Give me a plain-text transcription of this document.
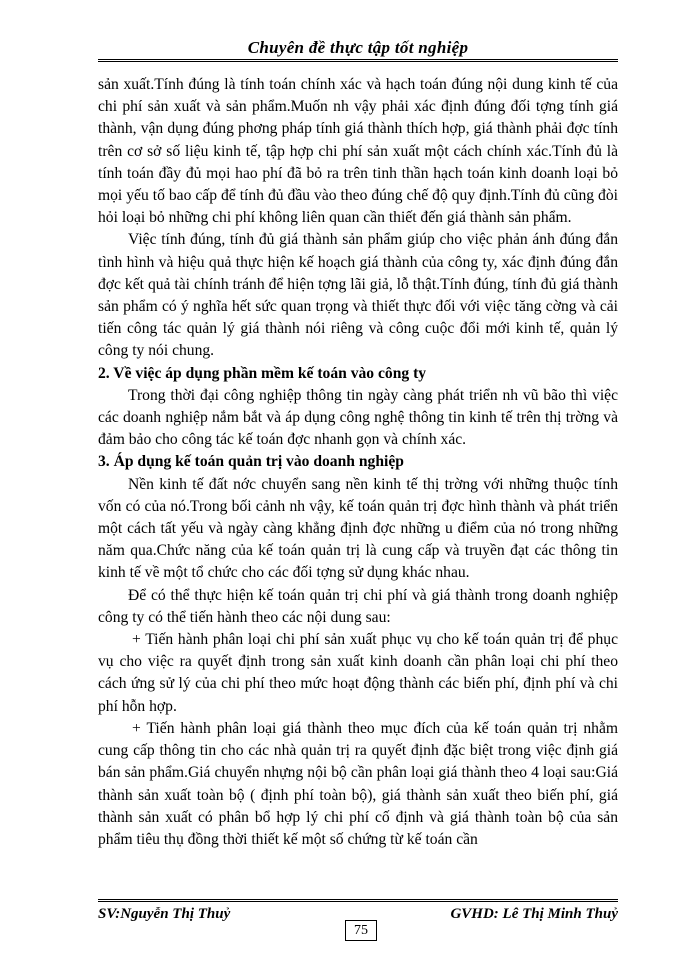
Chuyên đề thực tập tốt nghiệp

sản xuất.Tính đúng là tính toán chính xác và hạch toán đúng nội dung kinh tế của chi phí sản xuất và sản phẩm.Muốn nh vậy phải xác định đúng đối tợng tính giá thành, vận dụng đúng phơng pháp tính giá thành thích hợp, giá thành phải đợc tính trên cơ sở số liệu kinh tế, tập hợp chi phí sản xuất một cách chính xác.Tính đủ là tính toán đầy đủ mọi hao phí đã bỏ ra trên tinh thần hạch toán kinh doanh loại bỏ mọi yếu tố bao cấp để tính đủ đầu vào theo đúng chế độ quy định.Tính đủ cũng đòi hỏi loại bỏ những chi phí không liên quan cần thiết đến giá thành sản phẩm.

Việc tính đúng, tính đủ giá thành sản phẩm giúp cho việc phản ánh đúng đắn tình hình và hiệu quả thực hiện kế hoạch giá thành của công ty, xác định đúng đắn đợc kết quả tài chính tránh để hiện tợng lãi giả, lỗ thật.Tính đúng, tính đủ giá thành sản phẩm có ý nghĩa hết sức quan trọng và thiết thực đối với việc tăng cờng và cải tiến công tác quản lý giá thành nói riêng và công cuộc đổi mới kinh tế, quản lý công ty nói chung.

2. Về việc áp dụng phần mềm kế toán vào công ty

Trong thời đại công nghiệp thông tin ngày càng phát triển nh vũ bão thì việc các doanh nghiệp nắm bắt và áp dụng công nghệ thông tin kinh tế trên thị trờng và đảm bảo cho công tác kế toán đợc nhanh gọn và chính xác.

3. Áp dụng kế toán quản trị vào doanh nghiệp

Nền kinh tế đất nớc chuyển sang nền kinh tế thị trờng với những thuộc tính vốn có của nó.Trong bối cảnh nh vậy, kế toán quản trị đợc hình thành và phát triển một cách tất yếu và ngày càng khẳng định đợc những u điểm của nó trong những năm qua.Chức năng của kế toán quản trị là cung cấp và truyền đạt các thông tin kinh tế về một tổ chức cho các đối tợng sử dụng khác nhau.

Để có thể thực hiện kế toán quản trị chi phí và giá thành trong doanh nghiệp công ty có thể tiến hành theo các nội dung sau:

+ Tiến hành phân loại chi phí sản xuất phục vụ cho kế toán quản trị để phục vụ cho việc ra quyết định trong sản xuất kinh doanh cần phân loại chi phí theo cách ứng sử lý của chi phí theo mức hoạt động thành các biến phí, định phí và chi phí hỗn hợp.

+ Tiến hành phân loại giá thành theo mục đích của kế toán quản trị nhằm cung cấp thông tin cho các nhà quản trị ra quyết định đặc biệt trong việc định giá bán sản phẩm.Giá chuyển nhựng nội bộ cần phân loại giá thành theo 4 loại sau:Giá thành sản xuất toàn bộ ( định phí toàn bộ), giá thành sản xuất theo biến phí, giá thành sản xuất có phân bổ hợp lý chi phí cố định và giá thành toàn bộ của sản phẩm tiêu thụ đồng thời thiết kế một số chứng từ kế toán cần

SV:Nguyễn Thị Thuỷ	GVHD: Lê Thị Minh Thuỷ
75
